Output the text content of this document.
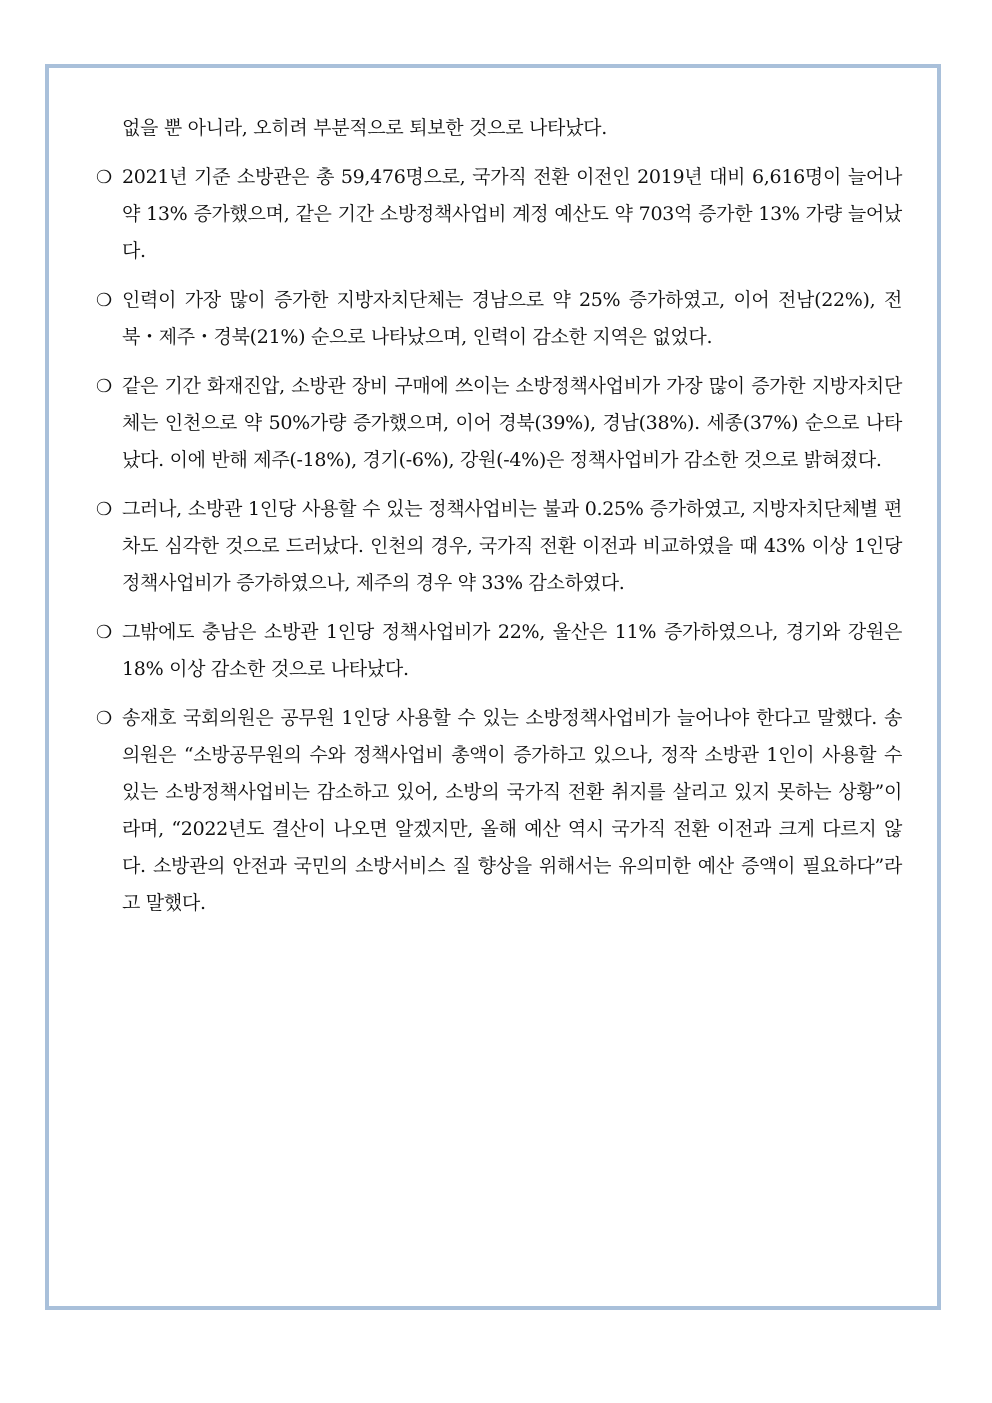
없을 뿐 아니라, 오히려 부분적으로 퇴보한 것으로 나타났다.

❍ 2021년 기준 소방관은 총 59,476명으로, 국가직 전환 이전인 2019년 대비 6,616명이 늘어나 약 13% 증가했으며, 같은 기간 소방정책사업비 계정 예산도 약 703억 증가한 13% 가량 늘어났다.
❍ 인력이 가장 많이 증가한 지방자치단체는 경남으로 약 25% 증가하였고, 이어 전남(22%), 전북・제주・경북(21%) 순으로 나타났으며, 인력이 감소한 지역은 없었다.
❍ 같은 기간 화재진압, 소방관 장비 구매에 쓰이는 소방정책사업비가 가장 많이 증가한 지방자치단체는 인천으로 약 50%가량 증가했으며, 이어 경북(39%), 경남(38%). 세종(37%) 순으로 나타났다. 이에 반해 제주(-18%), 경기(-6%), 강원(-4%)은 정책사업비가 감소한 것으로 밝혀졌다.
❍ 그러나, 소방관 1인당 사용할 수 있는 정책사업비는 불과 0.25% 증가하였고, 지방자치단체별 편차도 심각한 것으로 드러났다. 인천의 경우, 국가직 전환 이전과 비교하였을 때 43% 이상 1인당 정책사업비가 증가하였으나, 제주의 경우 약 33% 감소하였다.
❍ 그밖에도 충남은 소방관 1인당 정책사업비가 22%, 울산은 11% 증가하였으나, 경기와 강원은 18% 이상 감소한 것으로 나타났다.
❍ 송재호 국회의원은 공무원 1인당 사용할 수 있는 소방정책사업비가 늘어나야 한다고 말했다. 송 의원은 “소방공무원의 수와 정책사업비 총액이 증가하고 있으나, 정작 소방관 1인이 사용할 수 있는 소방정책사업비는 감소하고 있어, 소방의 국가직 전환 취지를 살리고 있지 못하는 상황”이라며, “2022년도 결산이 나오면 알겠지만, 올해 예산 역시 국가직 전환 이전과 크게 다르지 않다. 소방관의 안전과 국민의 소방서비스 질 향상을 위해서는 유의미한 예산 증액이 필요하다”라고 말했다.
